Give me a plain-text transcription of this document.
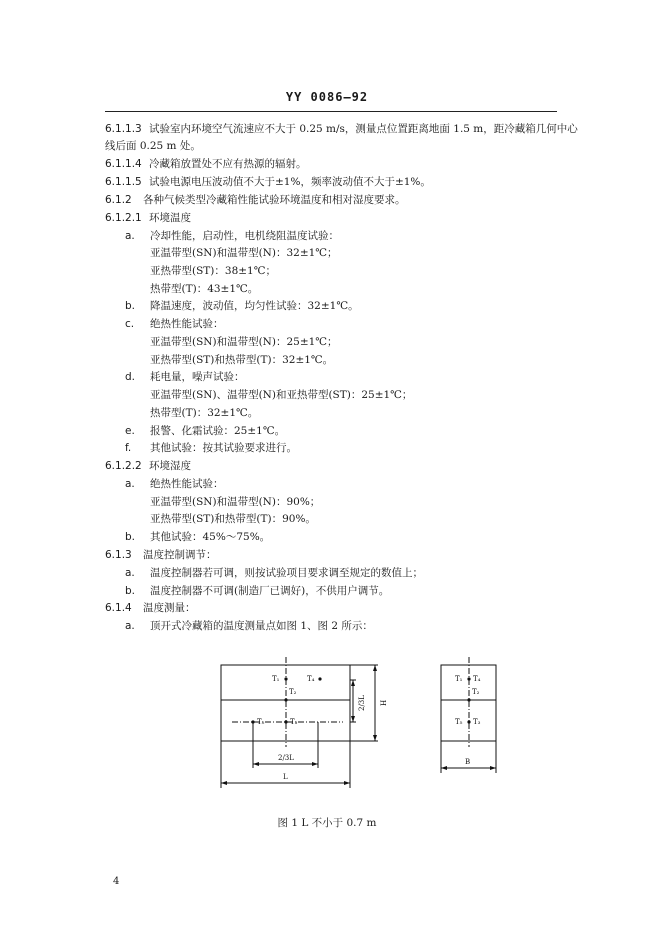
YY 0086—92
6.1.1.3 试验室内环境空气流速应不大于 0.25 m/s，测量点位置距离地面 1.5 m，距冷藏箱几何中心
线后面 0.25 m 处。
6.1.1.4 冷藏箱放置处不应有热源的辐射。
6.1.1.5 试验电源电压波动值不大于±1%，频率波动值不大于±1%。
6.1.2 各种气候类型冷藏箱性能试验环境温度和相对湿度要求。
6.1.2.1 环境温度
a. 冷却性能，启动性，电机绕阻温度试验：
亚温带型(SN)和温带型(N)：32±1℃；
亚热带型(ST)：38±1℃；
热带型(T)：43±1℃。
b. 降温速度，波动值，均匀性试验：32±1℃。
c. 绝热性能试验：
亚温带型(SN)和温带型(N)：25±1℃；
亚热带型(ST)和热带型(T)：32±1℃。
d. 耗电量，噪声试验：
亚温带型(SN)、温带型(N)和亚热带型(ST)：25±1℃；
热带型(T)：32±1℃。
e. 报警、化霜试验：25±1℃。
f. 其他试验：按其试验要求进行。
6.1.2.2 环境湿度
a. 绝热性能试验：
亚温带型(SN)和温带型(N)：90%；
亚热带型(ST)和热带型(T)：90%。
b. 其他试验：45%～75%。
6.1.3 温度控制调节：
a. 温度控制器若可调，则按试验项目要求调至规定的数值上；
b. 温度控制器不可调(制造厂已调好)，不供用户调节。
6.1.4 温度测量：
a. 顶开式冷藏箱的温度测量点如图 1、图 2 所示：
T₁	T₄
T₂
T₅	T₃
2/3L H
2/3L
L
T₁ T₄
T₂
T₅ T₃
B
图 1 L 不小于 0.7 m
4
